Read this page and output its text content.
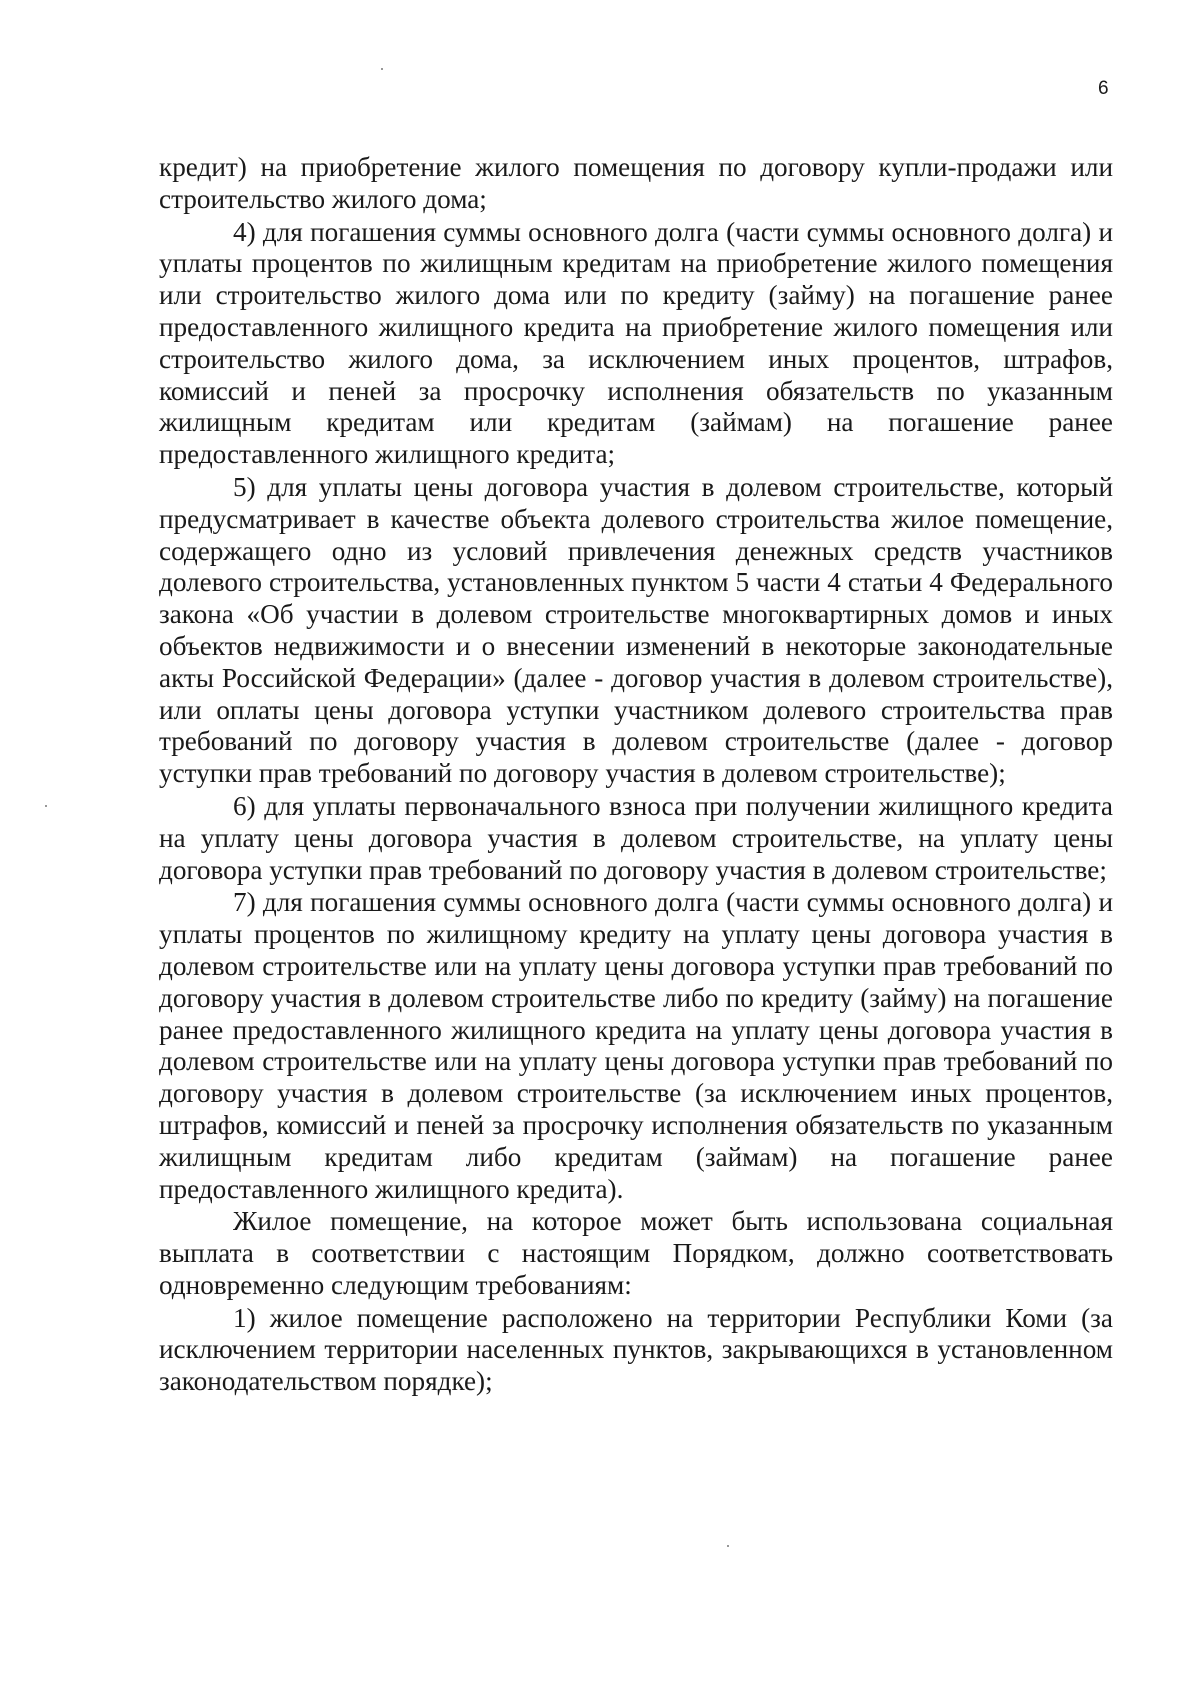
6

кредит) на приобретение жилого помещения по договору купли-продажи или строительство жилого дома;

4) для погашения суммы основного долга (части суммы основного долга) и уплаты процентов по жилищным кредитам на приобретение жилого помещения или строительство жилого дома или по кредиту (займу) на погашение ранее предоставленного жилищного кредита на приобретение жилого помещения или строительство жилого дома, за исключением иных процентов, штрафов, комиссий и пеней за просрочку исполнения обязательств по указанным жилищным кредитам или кредитам (займам) на погашение ранее предоставленного жилищного кредита;

5) для уплаты цены договора участия в долевом строительстве, который предусматривает в качестве объекта долевого строительства жилое помещение, содержащего одно из условий привлечения денежных средств участников долевого строительства, установленных пунктом 5 части 4 статьи 4 Федерального закона «Об участии в долевом строительстве многоквартирных домов и иных объектов недвижимости и о внесении изменений в некоторые законодательные акты Российской Федерации» (далее - договор участия в долевом строительстве), или оплаты цены договора уступки участником долевого строительства прав требований по договору участия в долевом строительстве (далее - договор уступки прав требований по договору участия в долевом строительстве);

6) для уплаты первоначального взноса при получении жилищного кредита на уплату цены договора участия в долевом строительстве, на уплату цены договора уступки прав требований по договору участия в долевом строительстве;

7) для погашения суммы основного долга (части суммы основного долга) и уплаты процентов по жилищному кредиту на уплату цены договора участия в долевом строительстве или на уплату цены договора уступки прав требований по договору участия в долевом строительстве либо по кредиту (займу) на погашение ранее предоставленного жилищного кредита на уплату цены договора участия в долевом строительстве или на уплату цены договора уступки прав требований по договору участия в долевом строительстве (за исключением иных процентов, штрафов, комиссий и пеней за просрочку исполнения обязательств по указанным жилищным кредитам либо кредитам (займам) на погашение ранее предоставленного жилищного кредита).

Жилое помещение, на которое может быть использована социальная выплата в соответствии с настоящим Порядком, должно соответствовать одновременно следующим требованиям:

1) жилое помещение расположено на территории Республики Коми (за исключением территории населенных пунктов, закрывающихся в установленном законодательством порядке);
